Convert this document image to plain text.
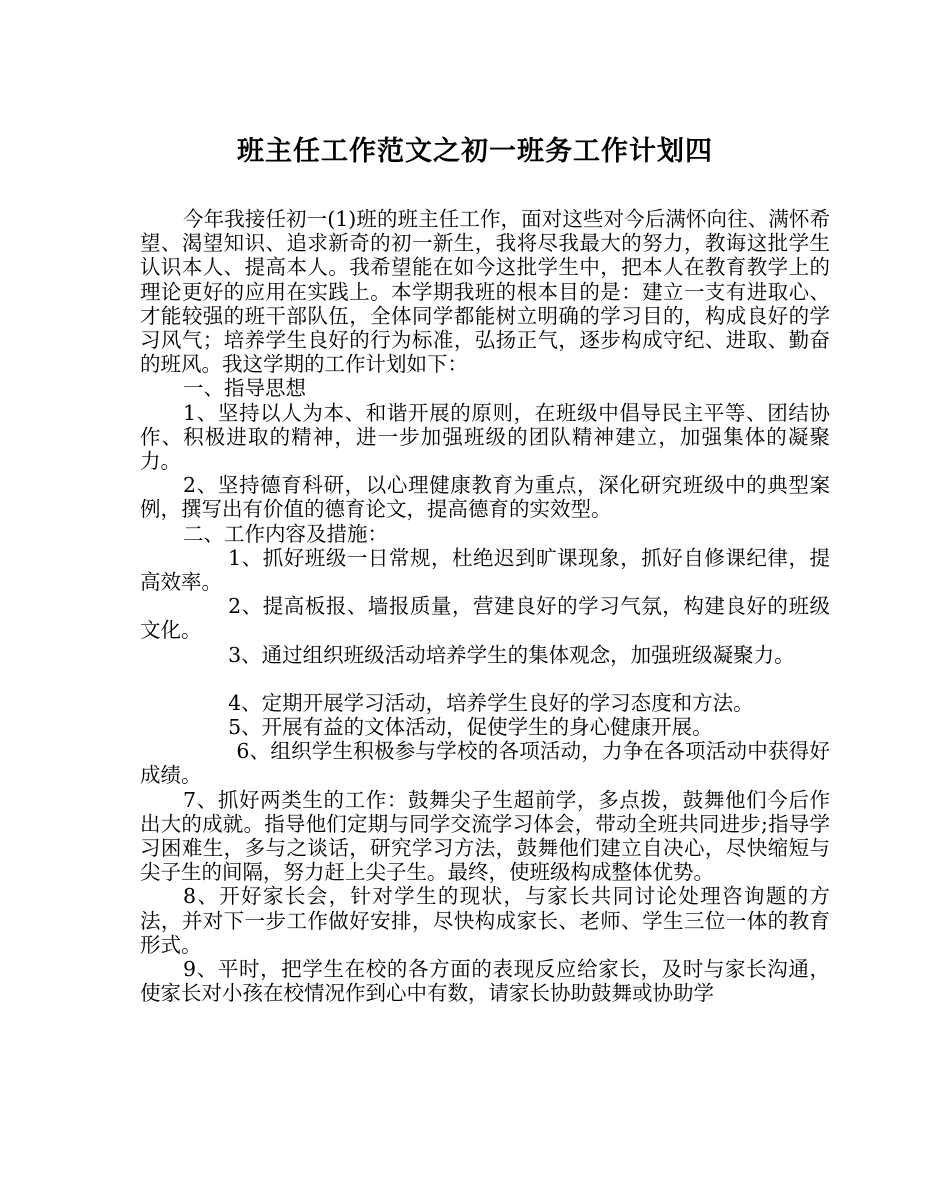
班主任工作范文之初一班务工作计划四

今年我接任初一(1)班的班主任工作，面对这些对今后满怀向往、满怀希望、渴望知识、追求新奇的初一新生，我将尽我最大的努力，教诲这批学生认识本人、提高本人。我希望能在如今这批学生中，把本人在教育教学上的理论更好的应用在实践上。本学期我班的根本目的是：建立一支有进取心、才能较强的班干部队伍，全体同学都能树立明确的学习目的，构成良好的学习风气；培养学生良好的行为标准，弘扬正气，逐步构成守纪、进取、勤奋的班风。我这学期的工作计划如下：

一、指导思想

1、坚持以人为本、和谐开展的原则，在班级中倡导民主平等、团结协作、积极进取的精神，进一步加强班级的团队精神建立，加强集体的凝聚力。

2、坚持德育科研，以心理健康教育为重点，深化研究班级中的典型案例，撰写出有价值的德育论文，提高德育的实效型。

二、工作内容及措施：

1、抓好班级一日常规，杜绝迟到旷课现象，抓好自修课纪律，提高效率。

2、提高板报、墙报质量，营建良好的学习气氛，构建良好的班级文化。

3、通过组织班级活动培养学生的集体观念，加强班级凝聚力。

4、定期开展学习活动，培养学生良好的学习态度和方法。

5、开展有益的文体活动，促使学生的身心健康开展。

6、组织学生积极参与学校的各项活动，力争在各项活动中获得好成绩。

7、抓好两类生的工作：鼓舞尖子生超前学，多点拨，鼓舞他们今后作出大的成就。指导他们定期与同学交流学习体会，带动全班共同进步;指导学习困难生，多与之谈话，研究学习方法，鼓舞他们建立自决心，尽快缩短与尖子生的间隔，努力赶上尖子生。最终，使班级构成整体优势。

8、开好家长会，针对学生的现状，与家长共同讨论处理咨询题的方法，并对下一步工作做好安排，尽快构成家长、老师、学生三位一体的教育形式。

9、平时，把学生在校的各方面的表现反应给家长，及时与家长沟通，使家长对小孩在校情况作到心中有数，请家长协助鼓舞或协助学
